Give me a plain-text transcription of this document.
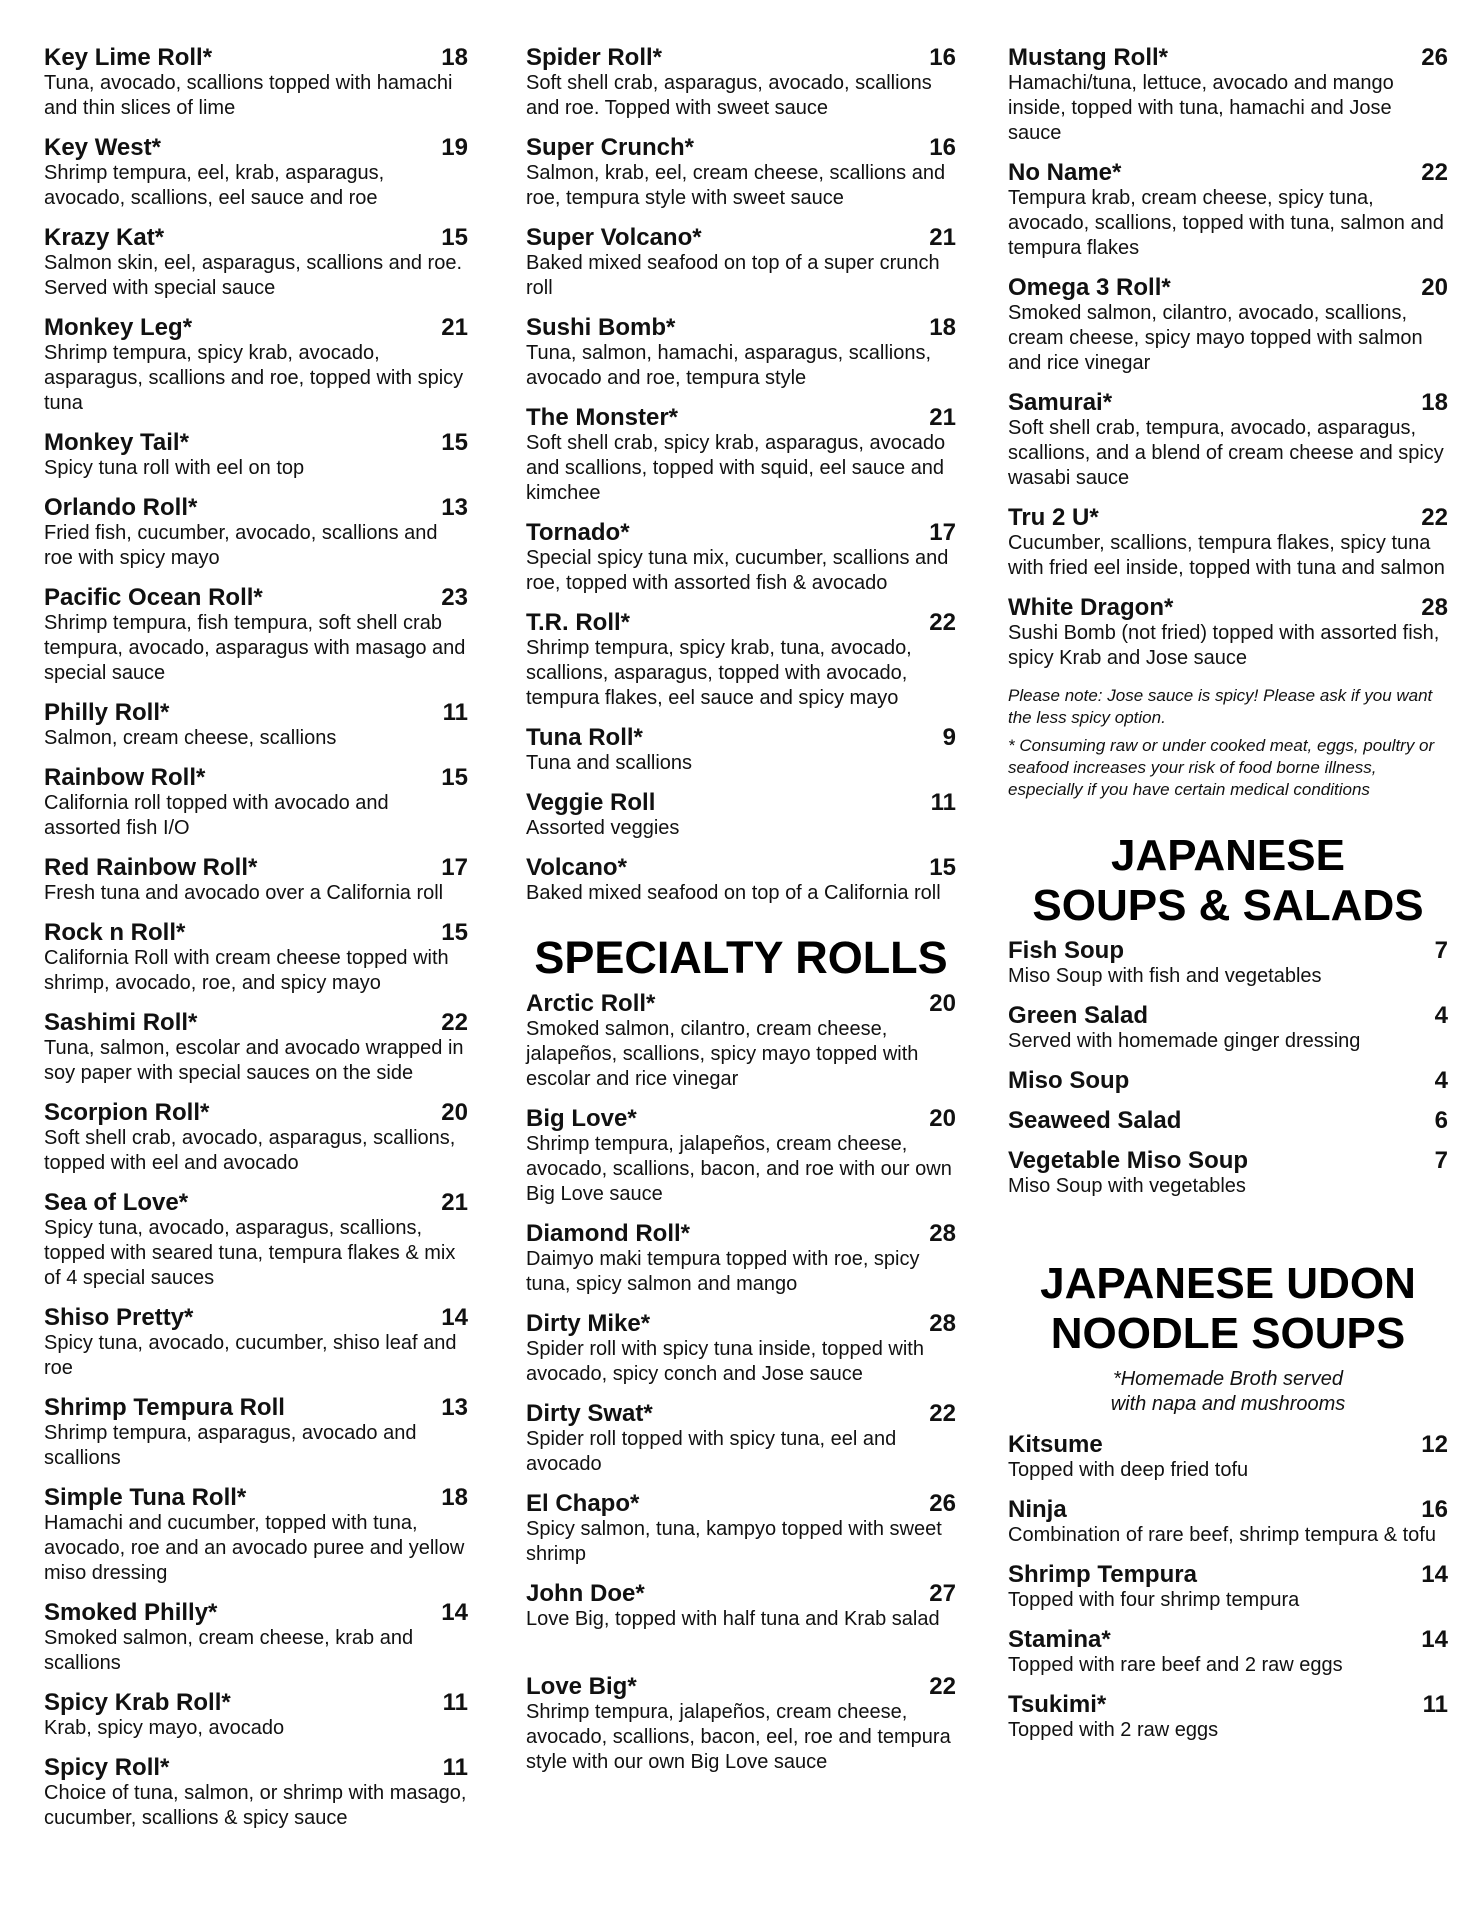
Key Lime Roll*	18
Tuna, avocado, scallions topped with hamachi and thin slices of lime
Key West*	19
Shrimp tempura, eel, krab, asparagus, avocado, scallions, eel sauce and roe
Krazy Kat*	15
Salmon skin, eel, asparagus, scallions and roe. Served with special sauce
Monkey Leg*	21
Shrimp tempura, spicy krab, avocado, asparagus, scallions and roe, topped with spicy tuna
Monkey Tail*	15
Spicy tuna roll with eel on top
Orlando Roll*	13
Fried fish, cucumber, avocado, scallions and roe with spicy mayo
Pacific Ocean Roll*	23
Shrimp tempura, fish tempura, soft shell crab tempura, avocado, asparagus with masago and special sauce
Philly Roll*	11
Salmon, cream cheese, scallions
Rainbow Roll*	15
California roll topped with avocado and assorted fish I/O
Red Rainbow Roll*	17
Fresh tuna and avocado over a California roll
Rock n Roll*	15
California Roll with cream cheese topped with shrimp, avocado, roe, and spicy mayo
Sashimi Roll*	22
Tuna, salmon, escolar and avocado wrapped in soy paper with special sauces on the side
Scorpion Roll*	20
Soft shell crab, avocado, asparagus, scallions, topped with eel and avocado
Sea of Love*	21
Spicy tuna, avocado, asparagus, scallions, topped with seared tuna, tempura flakes & mix of 4 special sauces
Shiso Pretty*	14
Spicy tuna, avocado, cucumber, shiso leaf and roe
Shrimp Tempura Roll	13
Shrimp tempura, asparagus, avocado and scallions
Simple Tuna Roll*	18
Hamachi and cucumber, topped with tuna, avocado, roe and an avocado puree and yellow miso dressing
Smoked Philly*	14
Smoked salmon, cream cheese, krab and scallions
Spicy Krab Roll*	11
Krab, spicy mayo, avocado
Spicy Roll*	11
Choice of tuna, salmon, or shrimp with masago, cucumber, scallions & spicy sauce
Spider Roll*	16
Soft shell crab, asparagus, avocado, scallions and roe. Topped with sweet sauce
Super Crunch*	16
Salmon, krab, eel, cream cheese, scallions and roe, tempura style with sweet sauce
Super Volcano*	21
Baked mixed seafood on top of a super crunch roll
Sushi Bomb*	18
Tuna, salmon, hamachi, asparagus, scallions, avocado and roe, tempura style
The Monster*	21
Soft shell crab, spicy krab, asparagus, avocado and scallions, topped with squid, eel sauce and kimchee
Tornado*	17
Special spicy tuna mix, cucumber, scallions and roe, topped with assorted fish & avocado
T.R. Roll*	22
Shrimp tempura, spicy krab, tuna, avocado, scallions, asparagus, topped with avocado, tempura flakes, eel sauce and spicy mayo
Tuna Roll*	9
Tuna and scallions
Veggie Roll	11
Assorted veggies
Volcano*	15
Baked mixed seafood on top of a California roll
SPECIALTY ROLLS
Arctic Roll*	20
Smoked salmon, cilantro, cream cheese, jalapeños, scallions, spicy mayo topped with escolar and rice vinegar
Big Love*	20
Shrimp tempura, jalapeños, cream cheese, avocado, scallions, bacon, and roe with our own Big Love sauce
Diamond Roll*	28
Daimyo maki tempura topped with roe, spicy tuna, spicy salmon and mango
Dirty Mike*	28
Spider roll with spicy tuna inside, topped with avocado, spicy conch and Jose sauce
Dirty Swat*	22
Spider roll topped with spicy tuna, eel and avocado
El Chapo*	26
Spicy salmon, tuna, kampyo topped with sweet shrimp
John Doe*	27
Love Big, topped with half tuna and Krab salad
Love Big*	22
Shrimp tempura, jalapeños, cream cheese, avocado, scallions, bacon, eel, roe and tempura style with our own Big Love sauce
Mustang Roll*	26
Hamachi/tuna, lettuce, avocado and mango inside, topped with tuna, hamachi and Jose sauce
No Name*	22
Tempura krab, cream cheese, spicy tuna, avocado, scallions, topped with tuna, salmon and tempura flakes
Omega 3 Roll*	20
Smoked salmon, cilantro, avocado, scallions, cream cheese, spicy mayo topped with salmon and rice vinegar
Samurai*	18
Soft shell crab, tempura, avocado, asparagus, scallions, and a blend of cream cheese and spicy wasabi sauce
Tru 2 U*	22
Cucumber, scallions, tempura flakes, spicy tuna with fried eel inside, topped with tuna and salmon
White Dragon*	28
Sushi Bomb (not fried) topped with assorted fish, spicy Krab and Jose sauce
Please note: Jose sauce is spicy! Please ask if you want the less spicy option.
* Consuming raw or under cooked meat, eggs, poultry or seafood increases your risk of food borne illness, especially if you have certain medical conditions
JAPANESE
SOUPS & SALADS
Fish Soup	7
Miso Soup with fish and vegetables
Green Salad	4
Served with homemade ginger dressing
Miso Soup	4
Seaweed Salad	6
Vegetable Miso Soup	7
Miso Soup with vegetables
JAPANESE UDON
NOODLE SOUPS
*Homemade Broth served
with napa and mushrooms
Kitsume	12
Topped with deep fried tofu
Ninja	16
Combination of rare beef, shrimp tempura & tofu
Shrimp Tempura	14
Topped with four shrimp tempura
Stamina*	14
Topped with rare beef and 2 raw eggs
Tsukimi*	11
Topped with 2 raw eggs
